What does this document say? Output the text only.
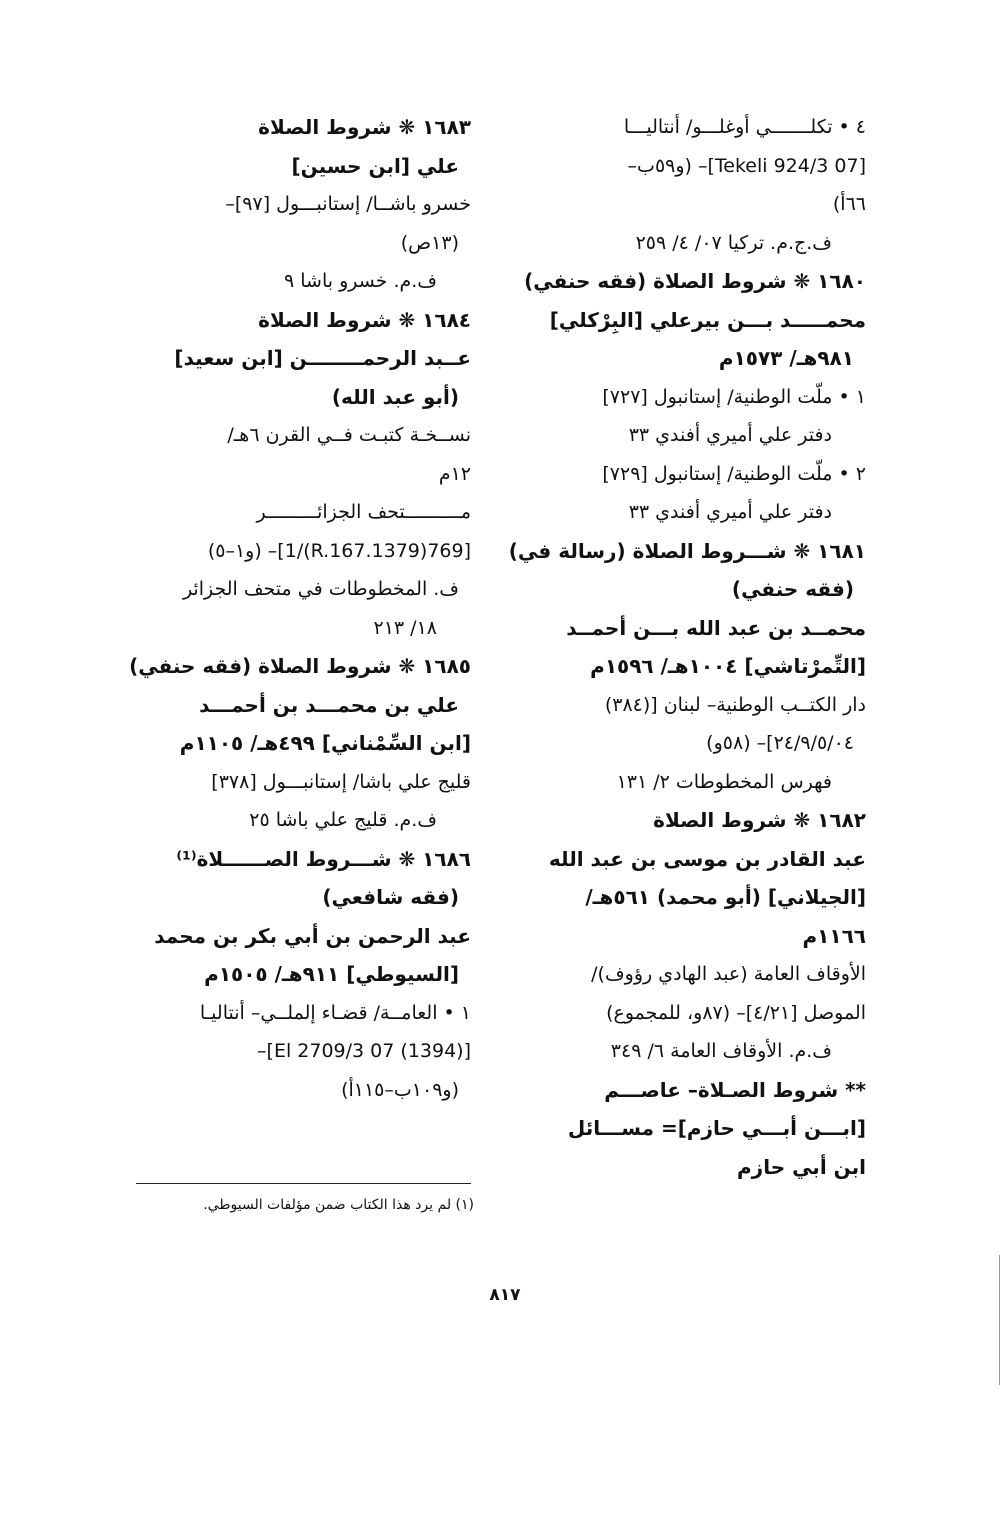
٤ • تكلـــــــي أوغلـــو/ أنتاليـــا
[07 Tekeli 924/3]– (و٥٩ب–
٦٦أ)
ف.ج.م. تركيا ٠٧/ ٤/ ٢٥٩
١٦٨٠ ❋ شروط الصلاة (فقه حنفي)
محمـــــد بـــن بيرعلي [البِرْكلي]
٩٨١هـ/ ١٥٧٣م
١ • ملّت الوطنية/ إستانبول [٧٢٧]
دفتر علي أميري أفندي ٣٣
٢ • ملّت الوطنية/ إستانبول [٧٢٩]
دفتر علي أميري أفندي ٣٣
١٦٨١ ❋ شـــروط الصلاة (رسالة في)
(فقه حنفي)
محمــد بن عبد الله بـــن أحمــد
[التِّمرْتاشي] ١٠٠٤هـ/ ١٥٩٦م
دار الكتــب الوطنية– لبنان [(٣٨٤)
٢٤/٩/٥/٠٤]– (٥٨و)
فهرس المخطوطات ٢/ ١٣١
١٦٨٢ ❋ شروط الصلاة
عبد القادر بن موسى بن عبد الله
[الجيلاني] (أبو محمد) ٥٦١هـ/
١١٦٦م
الأوقاف العامة (عبد الهادي رؤوف)/
الموصل [٤/٢١]– (٨٧و، للمجموع)
ف.م. الأوقاف العامة ٦/ ٣٤٩
** شروط الصـلاة– عاصـــم
[ابـــن أبـــي حازم]= مســـائل
ابن أبي حازم
١٦٨٣ ❋ شروط الصلاة
علي [ابن حسين]
خسرو باشــا/ إستانبـــول [٩٧]–
(١٣ص)
ف.م. خسرو باشا ٩
١٦٨٤ ❋ شروط الصلاة
عــبد الرحمــــــــن [ابن سعيد]
(أبو عبد الله)
نســخـة كتبـت فــي القرن ٦هـ/
١٢م
مــــــــــتحف الجزائـــــــــر
[769(1379.R.167)/1]– (و١–٥)
ف. المخطوطات في متحف الجزائر
١٨/ ٢١٣
١٦٨٥ ❋ شروط الصلاة (فقه حنفي)
علي بن محمـــد بن أحمـــد
[ابن السِّمْناني] ٤٩٩هـ/ ١١٠٥م
قليج علي باشا/ إستانبـــول [٣٧٨]
ف.م. قليج علي باشا ٢٥
١٦٨٦ ❋ شـــروط الصــــــلاة⁽¹⁾
(فقه شافعي)
عبد الرحمن بن أبي بكر بن محمد
[السيوطي] ٩١١هـ/ ١٥٠٥م
١ • العامــة/ قضـاء إلملــي– أنتاليـا
[(1394) 07 El 2709/3]–
(و١٠٩ب–١١٥أ)
(١) لم يرد هذا الكتاب ضمن مؤلفات السيوطي.
٨١٧
